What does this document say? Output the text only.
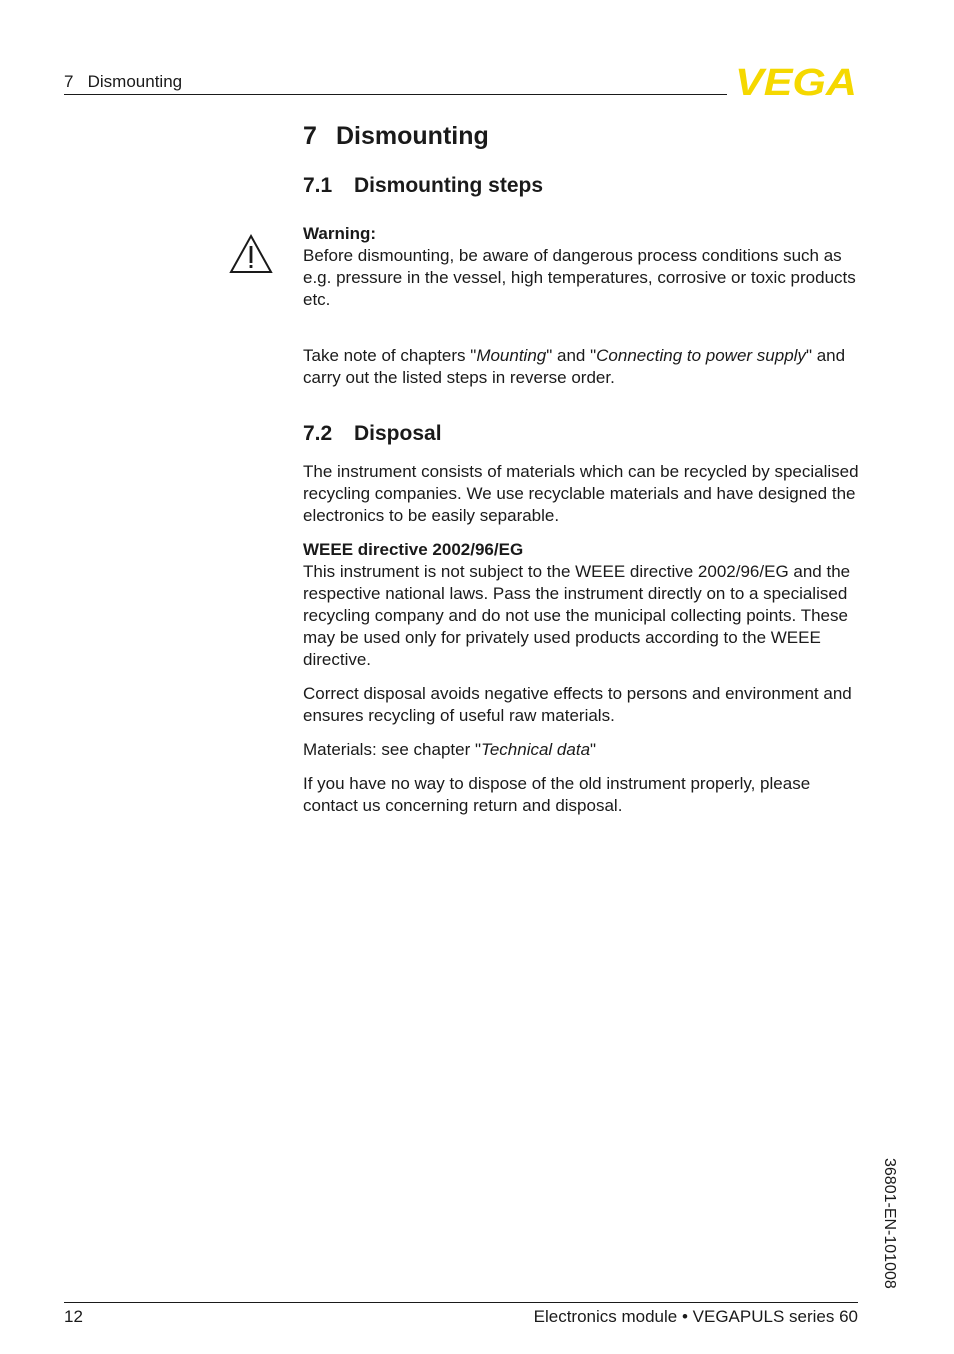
7   Dismounting	VEGA
7 Dismounting
7.1 Dismounting steps

Warning:

Before dismounting, be aware of dangerous process conditions such as e.g. pressure in the vessel, high temperatures, corrosive or toxic products etc.

Take note of chapters "Mounting" and "Connecting to power supply" and carry out the listed steps in reverse order.

7.2 Disposal

The instrument consists of materials which can be recycled by specialised recycling companies. We use recyclable materials and have designed the electronics to be easily separable.

WEEE directive 2002/96/EG

This instrument is not subject to the WEEE directive 2002/96/EG and the respective national laws. Pass the instrument directly on to a specialised recycling company and do not use the municipal collecting points. These may be used only for privately used products according to the WEEE directive.

Correct disposal avoids negative effects to persons and environment and ensures recycling of useful raw materials.

Materials: see chapter "Technical data"

If you have no way to dispose of the old instrument properly, please contact us concerning return and disposal.

36801-EN-101008
12	Electronics module • VEGAPULS series 60
